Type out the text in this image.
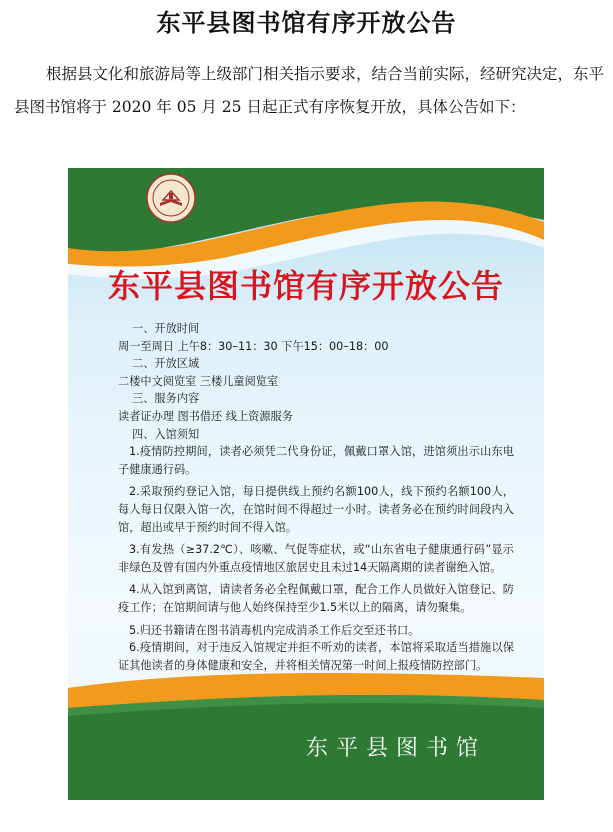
东平县图书馆有序开放公告
根据县文化和旅游局等上级部门相关指示要求，结合当前实际，经研究决定，东平县图书馆将于 2020 年 05 月 25 日起正式有序恢复开放，具体公告如下：
东平县图书馆有序开放公告
一、开放时间
周一至周日 上午8：30–11：30 下午15：00–18：00
二、开放区域
二楼中文阅览室 三楼儿童阅览室
三、服务内容
读者证办理 图书借还 线上资源服务
四、入馆须知
1.疫情防控期间，读者必须凭二代身份证，佩戴口罩入馆，进馆须出示山东电子健康通行码。
2.采取预约登记入馆，每日提供线上预约名额100人，线下预约名额100人，每人每日仅限入馆一次，在馆时间不得超过一小时。读者务必在预约时间段内入馆，超出或早于预约时间不得入馆。
3.有发热（≥37.2℃）、咳嗽、气促等症状，或“山东省电子健康通行码”显示非绿色及曾有国内外重点疫情地区旅居史且未过14天隔离期的读者谢绝入馆。
4.从入馆到离馆，请读者务必全程佩戴口罩，配合工作人员做好入馆登记、防疫工作；在馆期间请与他人始终保持至少1.5米以上的隔离，请勿聚集。
5.归还书籍请在图书消毒机内完成消杀工作后交至还书口。
6.疫情期间，对于违反入馆规定并拒不听劝的读者，本馆将采取适当措施以保证其他读者的身体健康和安全，并将相关情况第一时间上报疫情防控部门。
东平县图书馆
